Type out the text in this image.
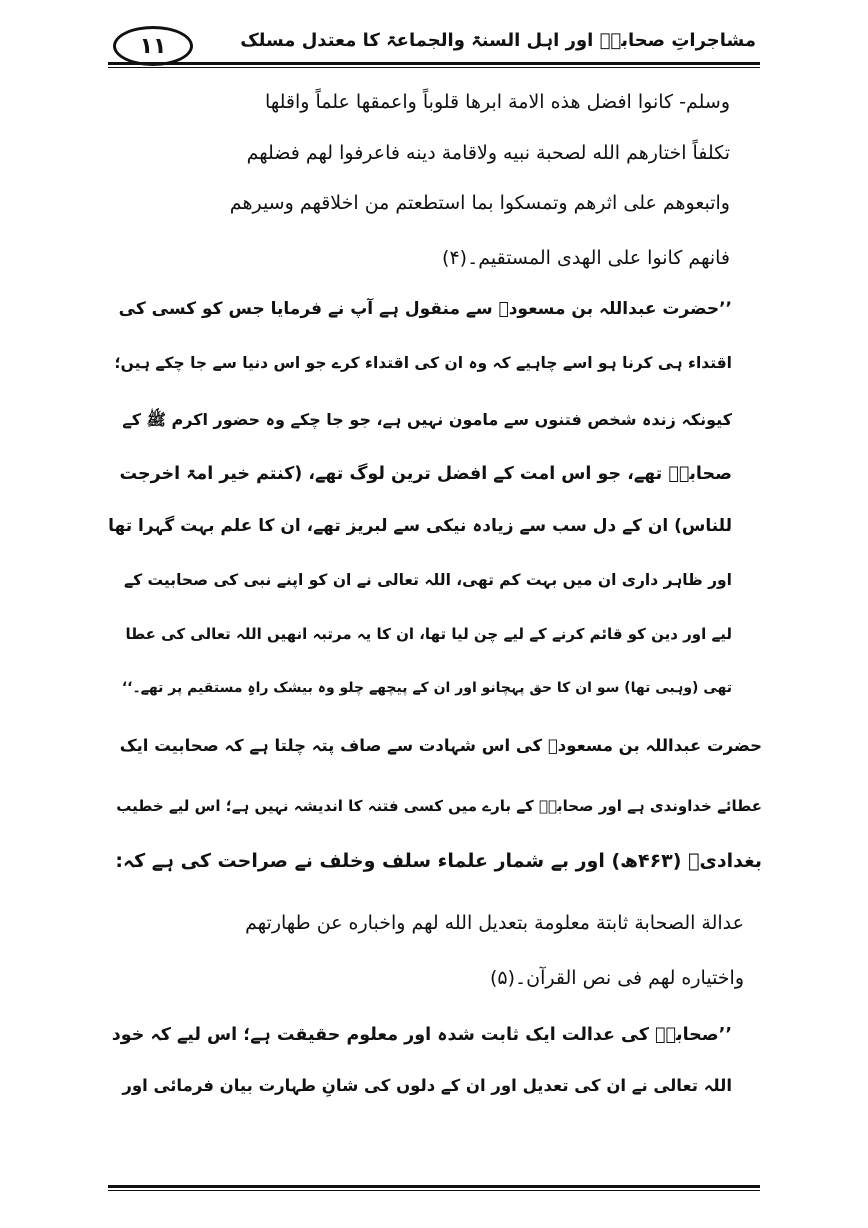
١١	مشاجراتِ صحابہؓ اور اہل السنۃ والجماعۃ کا معتدل مسلک
وسلم- کانوا افضل هذه الامة ابرها قلوباً واعمقها علماً واقلها
تکلفاً اختارهم الله لصحبة نبيه ولاقامة دينه فاعرفوا لهم فضلهم
واتبعوهم على اثرهم وتمسکوا بما استطعتم من اخلاقهم وسيرهم
فانهم کانوا على الهدی المستقيم۔(۴)
’’حضرت عبداللہ بن مسعودؓ سے منقول ہے آپ نے فرمایا جس کو کسی کی
اقتداء ہی کرنا ہو اسے چاہیے کہ وہ ان کی اقتداء کرے جو اس دنیا سے جا چکے ہیں؛
کیونکہ زندہ شخص فتنوں سے مامون نہیں ہے، جو جا چکے وہ حضور اکرم ﷺ کے
صحابہؓ تھے، جو اس امت کے افضل ترین لوگ تھے، (کنتم خیر امۃ اخرجت
للناس) ان کے دل سب سے زیادہ نیکی سے لبریز تھے، ان کا علم بہت گہرا تھا
اور ظاہر داری ان میں بہت کم تھی، اللہ تعالی نے ان کو اپنے نبی کی صحابیت کے
لیے اور دین کو قائم کرنے کے لیے چن لیا تھا، ان کا یہ مرتبہ انھیں اللہ تعالی کی عطا
تھی (وہبی تھا) سو ان کا حق پہچانو اور ان کے پیچھے چلو وہ بیشک راہِ مستقیم پر تھے۔‘‘
حضرت عبداللہ بن مسعودؓ کی اس شہادت سے صاف پتہ چلتا ہے کہ صحابیت ایک
عطائے خداوندی ہے اور صحابہؓ کے بارے میں کسی فتنہ کا اندیشہ نہیں ہے؛ اس لیے خطیب
بغدادیؒ (۴۶۳ھ) اور بے شمار علماء سلف وخلف نے صراحت کی ہے کہ:
عدالة الصحابة ثابتة معلومة بتعديل الله لهم واخباره عن طهارتهم
واختياره لهم فى نص القرآن۔(۵)
’’صحابہؓ کی عدالت ایک ثابت شدہ اور معلوم حقیقت ہے؛ اس لیے کہ خود
اللہ تعالی نے ان کی تعدیل اور ان کے دلوں کی شانِ طہارت بیان فرمائی اور
